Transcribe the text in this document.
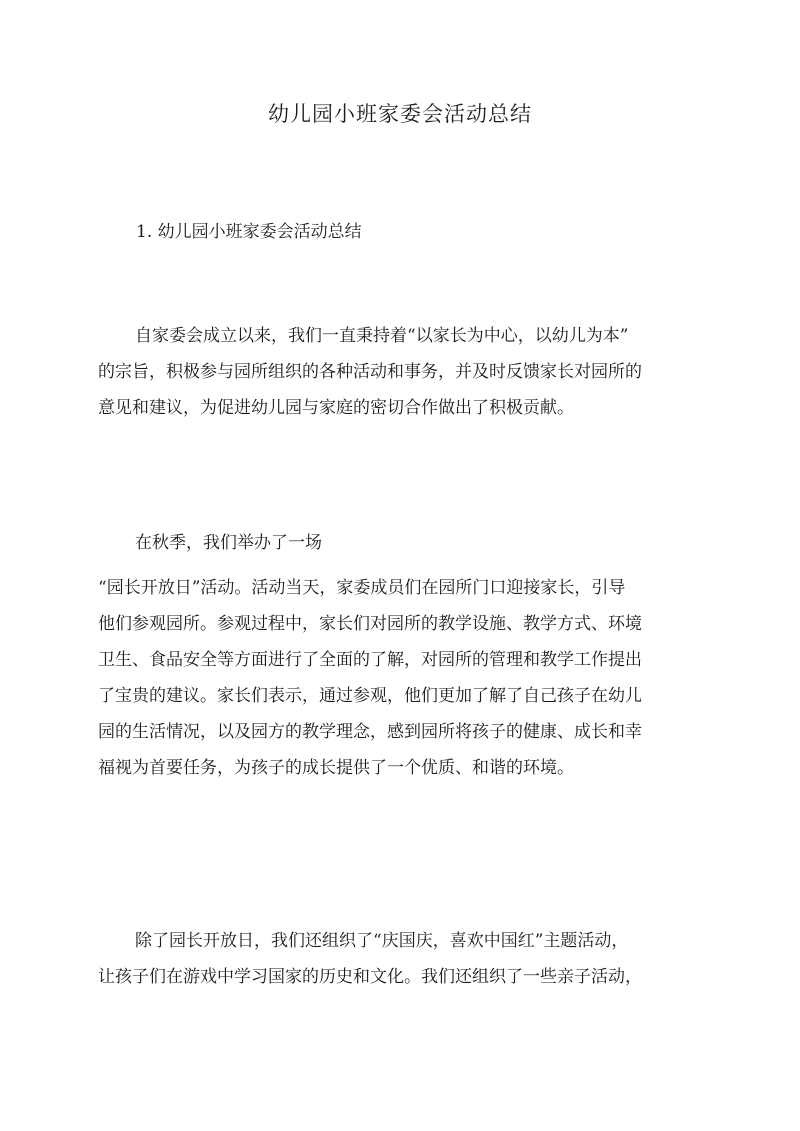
幼儿园小班家委会活动总结
1. 幼儿园小班家委会活动总结

自家委会成立以来，我们一直秉持着“以家长为中心，以幼儿为本”
的宗旨，积极参与园所组织的各种活动和事务，并及时反馈家长对园所的
意见和建议，为促进幼儿园与家庭的密切合作做出了积极贡献。

在秋季，我们举办了一场

“园长开放日”活动。活动当天，家委成员们在园所门口迎接家长，引导
他们参观园所。参观过程中，家长们对园所的教学设施、教学方式、环境
卫生、食品安全等方面进行了全面的了解，对园所的管理和教学工作提出
了宝贵的建议。家长们表示，通过参观，他们更加了解了自己孩子在幼儿
园的生活情况，以及园方的教学理念，感到园所将孩子的健康、成长和幸
福视为首要任务，为孩子的成长提供了一个优质、和谐的环境。

除了园长开放日，我们还组织了“庆国庆，喜欢中国红”主题活动，
让孩子们在游戏中学习国家的历史和文化。我们还组织了一些亲子活动，
